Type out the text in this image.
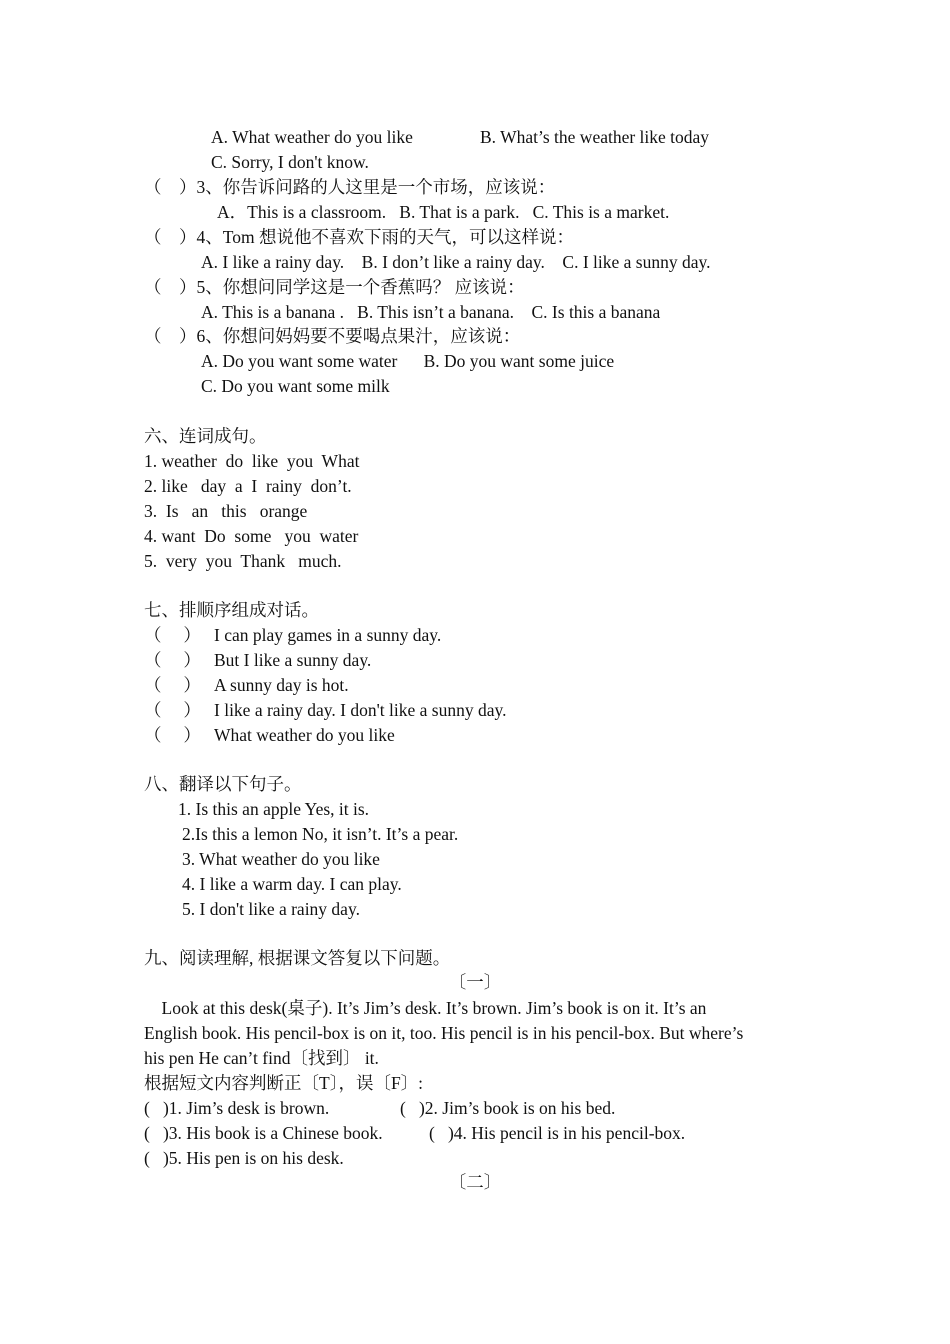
A. What weather do you like	B. What’s the weather like today
C. Sorry, I don't know.
（　）3、你告诉问路的人这里是一个市场，应该说：
A．This is a classroom.   B. That is a park.   C. This is a market.
（　）4、Tom 想说他不喜欢下雨的天气，可以这样说：
A. I like a rainy day.    B. I don’t like a rainy day.    C. I like a sunny day.
（　）5、你想问同学这是一个香蕉吗？ 应该说：
A. This is a banana .   B. This isn’t a banana.    C. Is this a banana
（　）6、你想问妈妈要不要喝点果汁，应该说：
A. Do you want some water      B. Do you want some juice
C. Do you want some milk
六、连词成句。
1. weather  do  like  you  What
2. like   day  a  I  rainy  don’t.
3.  Is   an   this   orange
4. want  Do  some   you  water
5.  very  you  Thank   much.
七、排顺序组成对话。
（　 ）   I can play games in a sunny day.
（　 ）   But I like a sunny day.
（　 ）   A sunny day is hot.
（　 ）   I like a rainy day. I don't like a sunny day.
（　 ）   What weather do you like
八、翻译以下句子。
1. Is this an apple Yes, it is.
2.Is this a lemon No, it isn’t. It’s a pear.
3. What weather do you like
4. I like a warm day. I can play.
5. I don't like a rainy day.
九、阅读理解, 根据课文答复以下问题。
〔一〕
Look at this desk(桌子). It’s Jim’s desk. It’s brown. Jim’s book is on it. It’s an
English book. His pencil-box is on it, too. His pencil is in his pencil-box. But where’s
his pen He can’t find〔找到〕 it.
根据短文内容判断正〔T〕，误〔F〕:
(   )1. Jim’s desk is brown.	(   )2. Jim’s book is on his bed.
(   )3. His book is a Chinese book.	(   )4. His pencil is in his pencil-box.
(   )5. His pen is on his desk.
〔二〕
